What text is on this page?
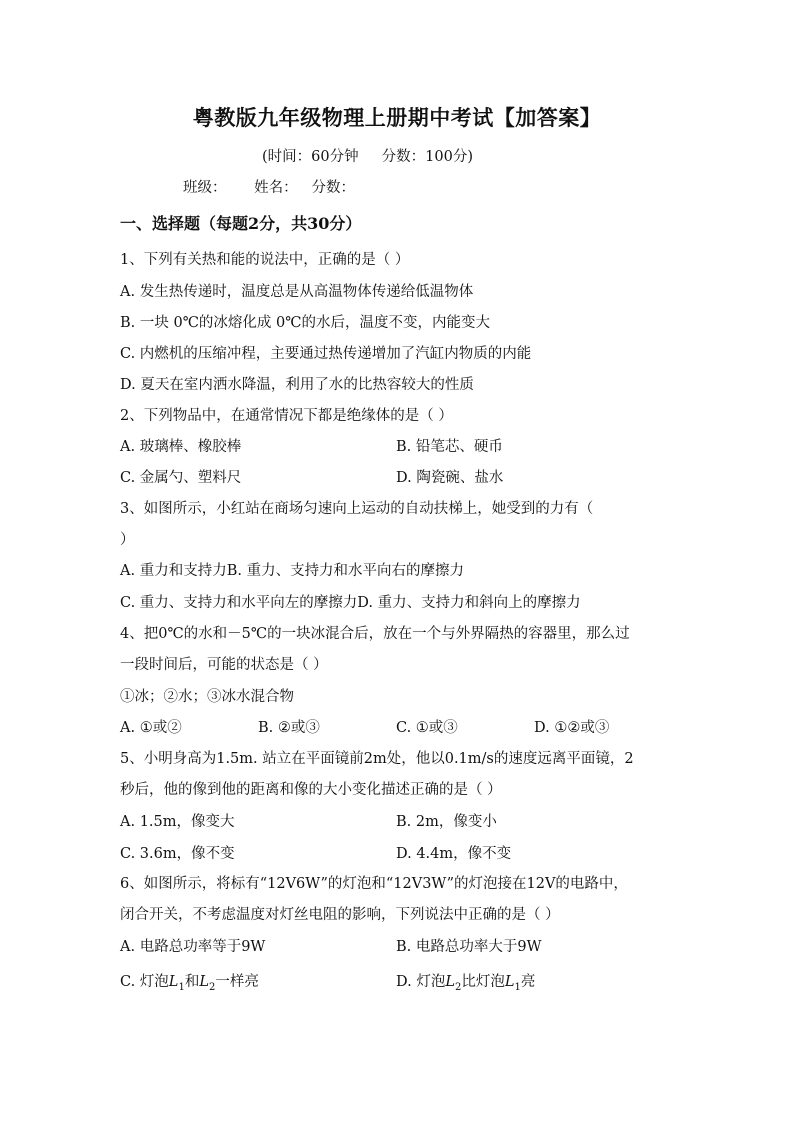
粤教版九年级物理上册期中考试【加答案】
(时间：60分钟     分数：100分)
班级：      姓名：   分数：
一、选择题（每题2分，共30分）
1、下列有关热和能的说法中，正确的是（ ）
A. 发生热传递时，温度总是从高温物体传递给低温物体
B. 一块 0℃的冰熔化成 0℃的水后，温度不变，内能变大
C. 内燃机的压缩冲程，主要通过热传递增加了汽缸内物质的内能
D. 夏天在室内洒水降温，利用了水的比热容较大的性质
2、下列物品中，在通常情况下都是绝缘体的是（ ）
A. 玻璃棒、橡胶棒	B. 铅笔芯、硬币
C. 金属勺、塑料尺	D. 陶瓷碗、盐水
3、如图所示，小红站在商场匀速向上运动的自动扶梯上，她受到的力有（
）
A. 重力和支持力B. 重力、支持力和水平向右的摩擦力
C. 重力、支持力和水平向左的摩擦力D. 重力、支持力和斜向上的摩擦力
4、把0℃的水和－5℃的一块冰混合后，放在一个与外界隔热的容器里，那么过
一段时间后，可能的状态是（ ）
①冰；②水；③冰水混合物
A. ①或②	B. ②或③	C. ①或③	D. ①②或③
5、小明身高为1.5m. 站立在平面镜前2m处，他以0.1m/s的速度远离平面镜，2
秒后，他的像到他的距离和像的大小变化描述正确的是（ ）
A. 1.5m，像变大	B. 2m，像变小
C. 3.6m，像不变	D. 4.4m，像不变
6、如图所示，将标有“12V6W”的灯泡和“12V3W”的灯泡接在12V的电路中，
闭合开关，不考虑温度对灯丝电阻的影响，下列说法中正确的是（ ）
A. 电路总功率等于9W	B. 电路总功率大于9W
C. 灯泡$L_1$和$L_2$一样亮	D. 灯泡$L_2$比灯泡$L_1$亮
